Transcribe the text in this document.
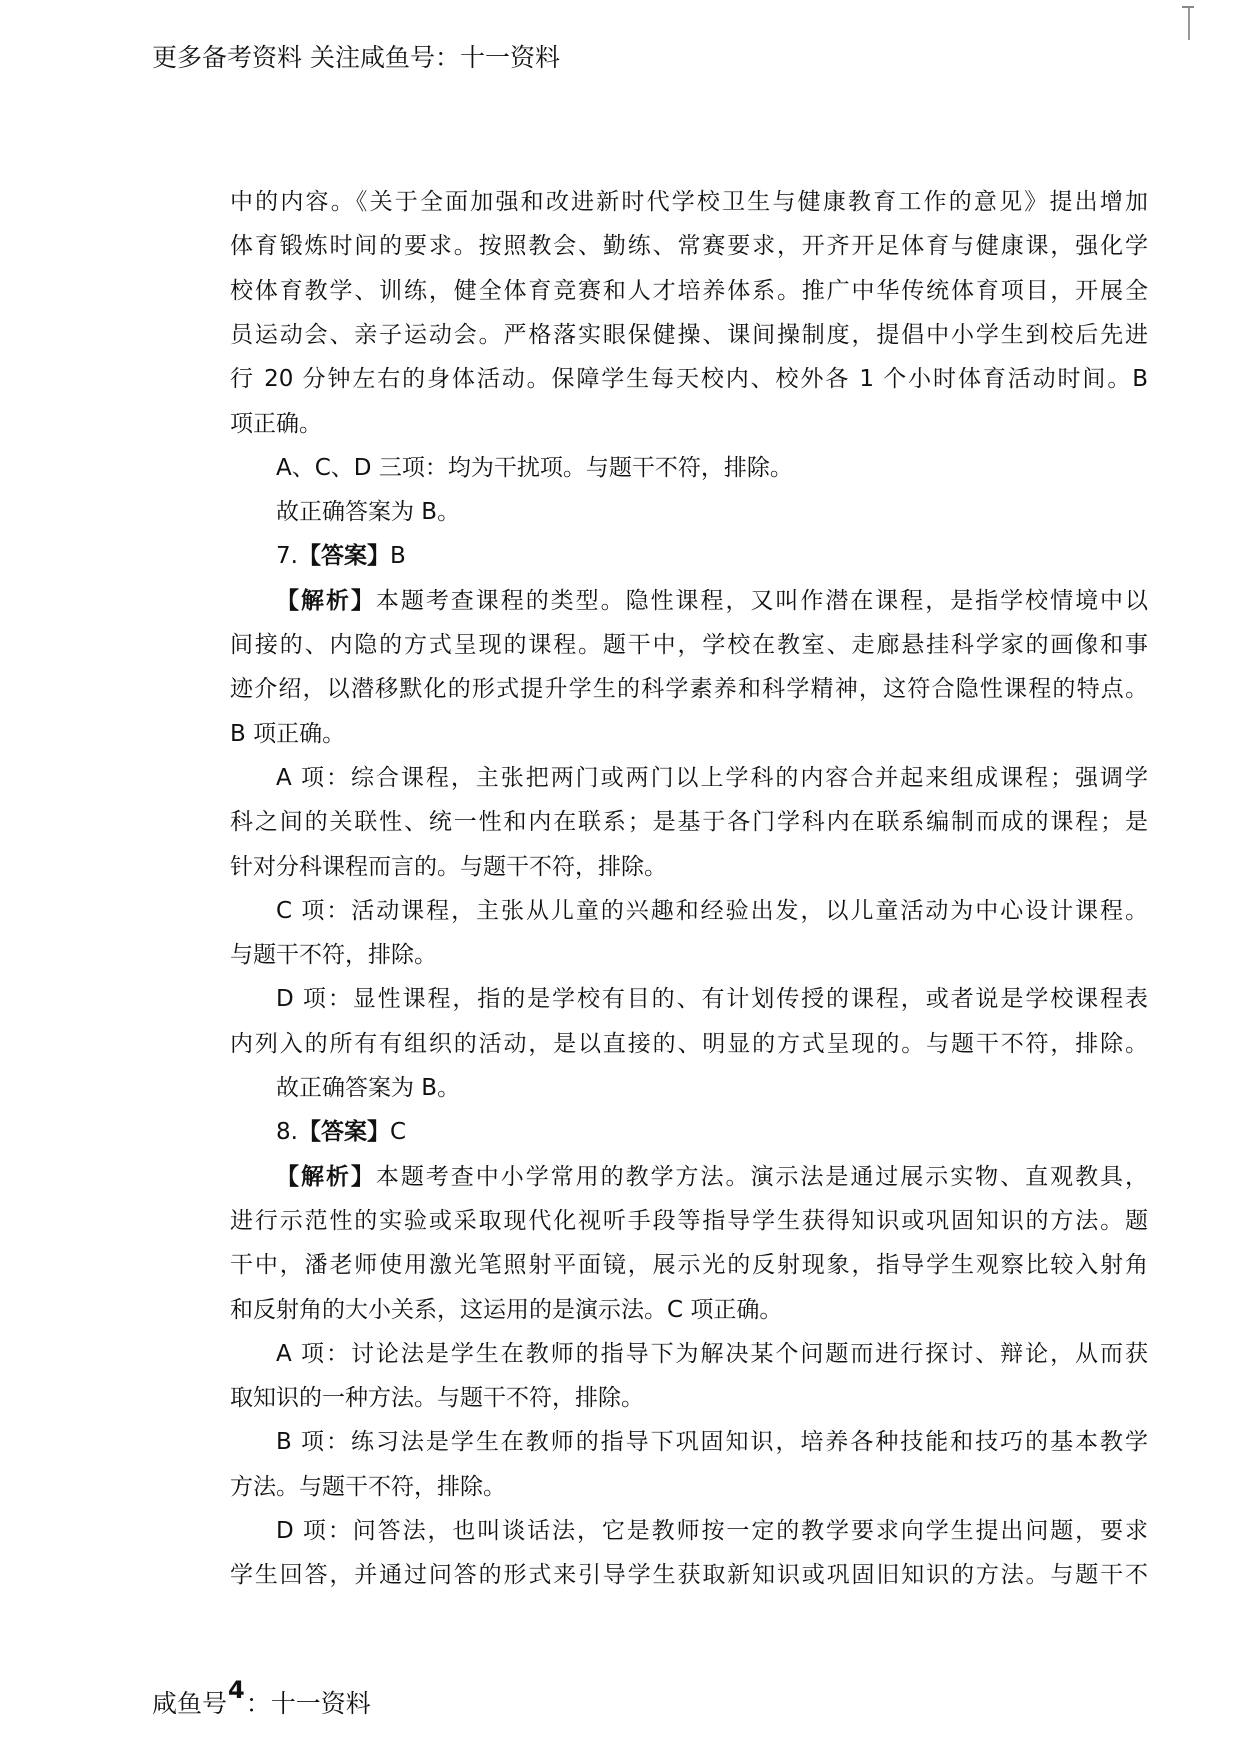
更多备考资料 关注咸鱼号：十一资料
中的内容。《关于全面加强和改进新时代学校卫生与健康教育工作的意见》提出增加
体育锻炼时间的要求。按照教会、勤练、常赛要求，开齐开足体育与健康课，强化学
校体育教学、训练，健全体育竞赛和人才培养体系。推广中华传统体育项目，开展全
员运动会、亲子运动会。严格落实眼保健操、课间操制度，提倡中小学生到校后先进
行 20 分钟左右的身体活动。保障学生每天校内、校外各 1 个小时体育活动时间。B
项正确。
A、C、D 三项：均为干扰项。与题干不符，排除。
故正确答案为 B。
7.【答案】B
【解析】本题考查课程的类型。隐性课程，又叫作潜在课程，是指学校情境中以
间接的、内隐的方式呈现的课程。题干中，学校在教室、走廊悬挂科学家的画像和事
迹介绍，以潜移默化的形式提升学生的科学素养和科学精神，这符合隐性课程的特点。
B 项正确。
A 项：综合课程，主张把两门或两门以上学科的内容合并起来组成课程；强调学
科之间的关联性、统一性和内在联系；是基于各门学科内在联系编制而成的课程；是
针对分科课程而言的。与题干不符，排除。
C 项：活动课程，主张从儿童的兴趣和经验出发，以儿童活动为中心设计课程。
与题干不符，排除。
D 项：显性课程，指的是学校有目的、有计划传授的课程，或者说是学校课程表
内列入的所有有组织的活动，是以直接的、明显的方式呈现的。与题干不符，排除。
故正确答案为 B。
8.【答案】C
【解析】本题考查中小学常用的教学方法。演示法是通过展示实物、直观教具，
进行示范性的实验或采取现代化视听手段等指导学生获得知识或巩固知识的方法。题
干中，潘老师使用激光笔照射平面镜，展示光的反射现象，指导学生观察比较入射角
和反射角的大小关系，这运用的是演示法。C 项正确。
A 项：讨论法是学生在教师的指导下为解决某个问题而进行探讨、辩论，从而获
取知识的一种方法。与题干不符，排除。
B 项：练习法是学生在教师的指导下巩固知识，培养各种技能和技巧的基本教学
方法。与题干不符，排除。
D 项：问答法，也叫谈话法，它是教师按一定的教学要求向学生提出问题，要求
学生回答，并通过问答的形式来引导学生获取新知识或巩固旧知识的方法。与题干不
咸鱼号4：十一资料
